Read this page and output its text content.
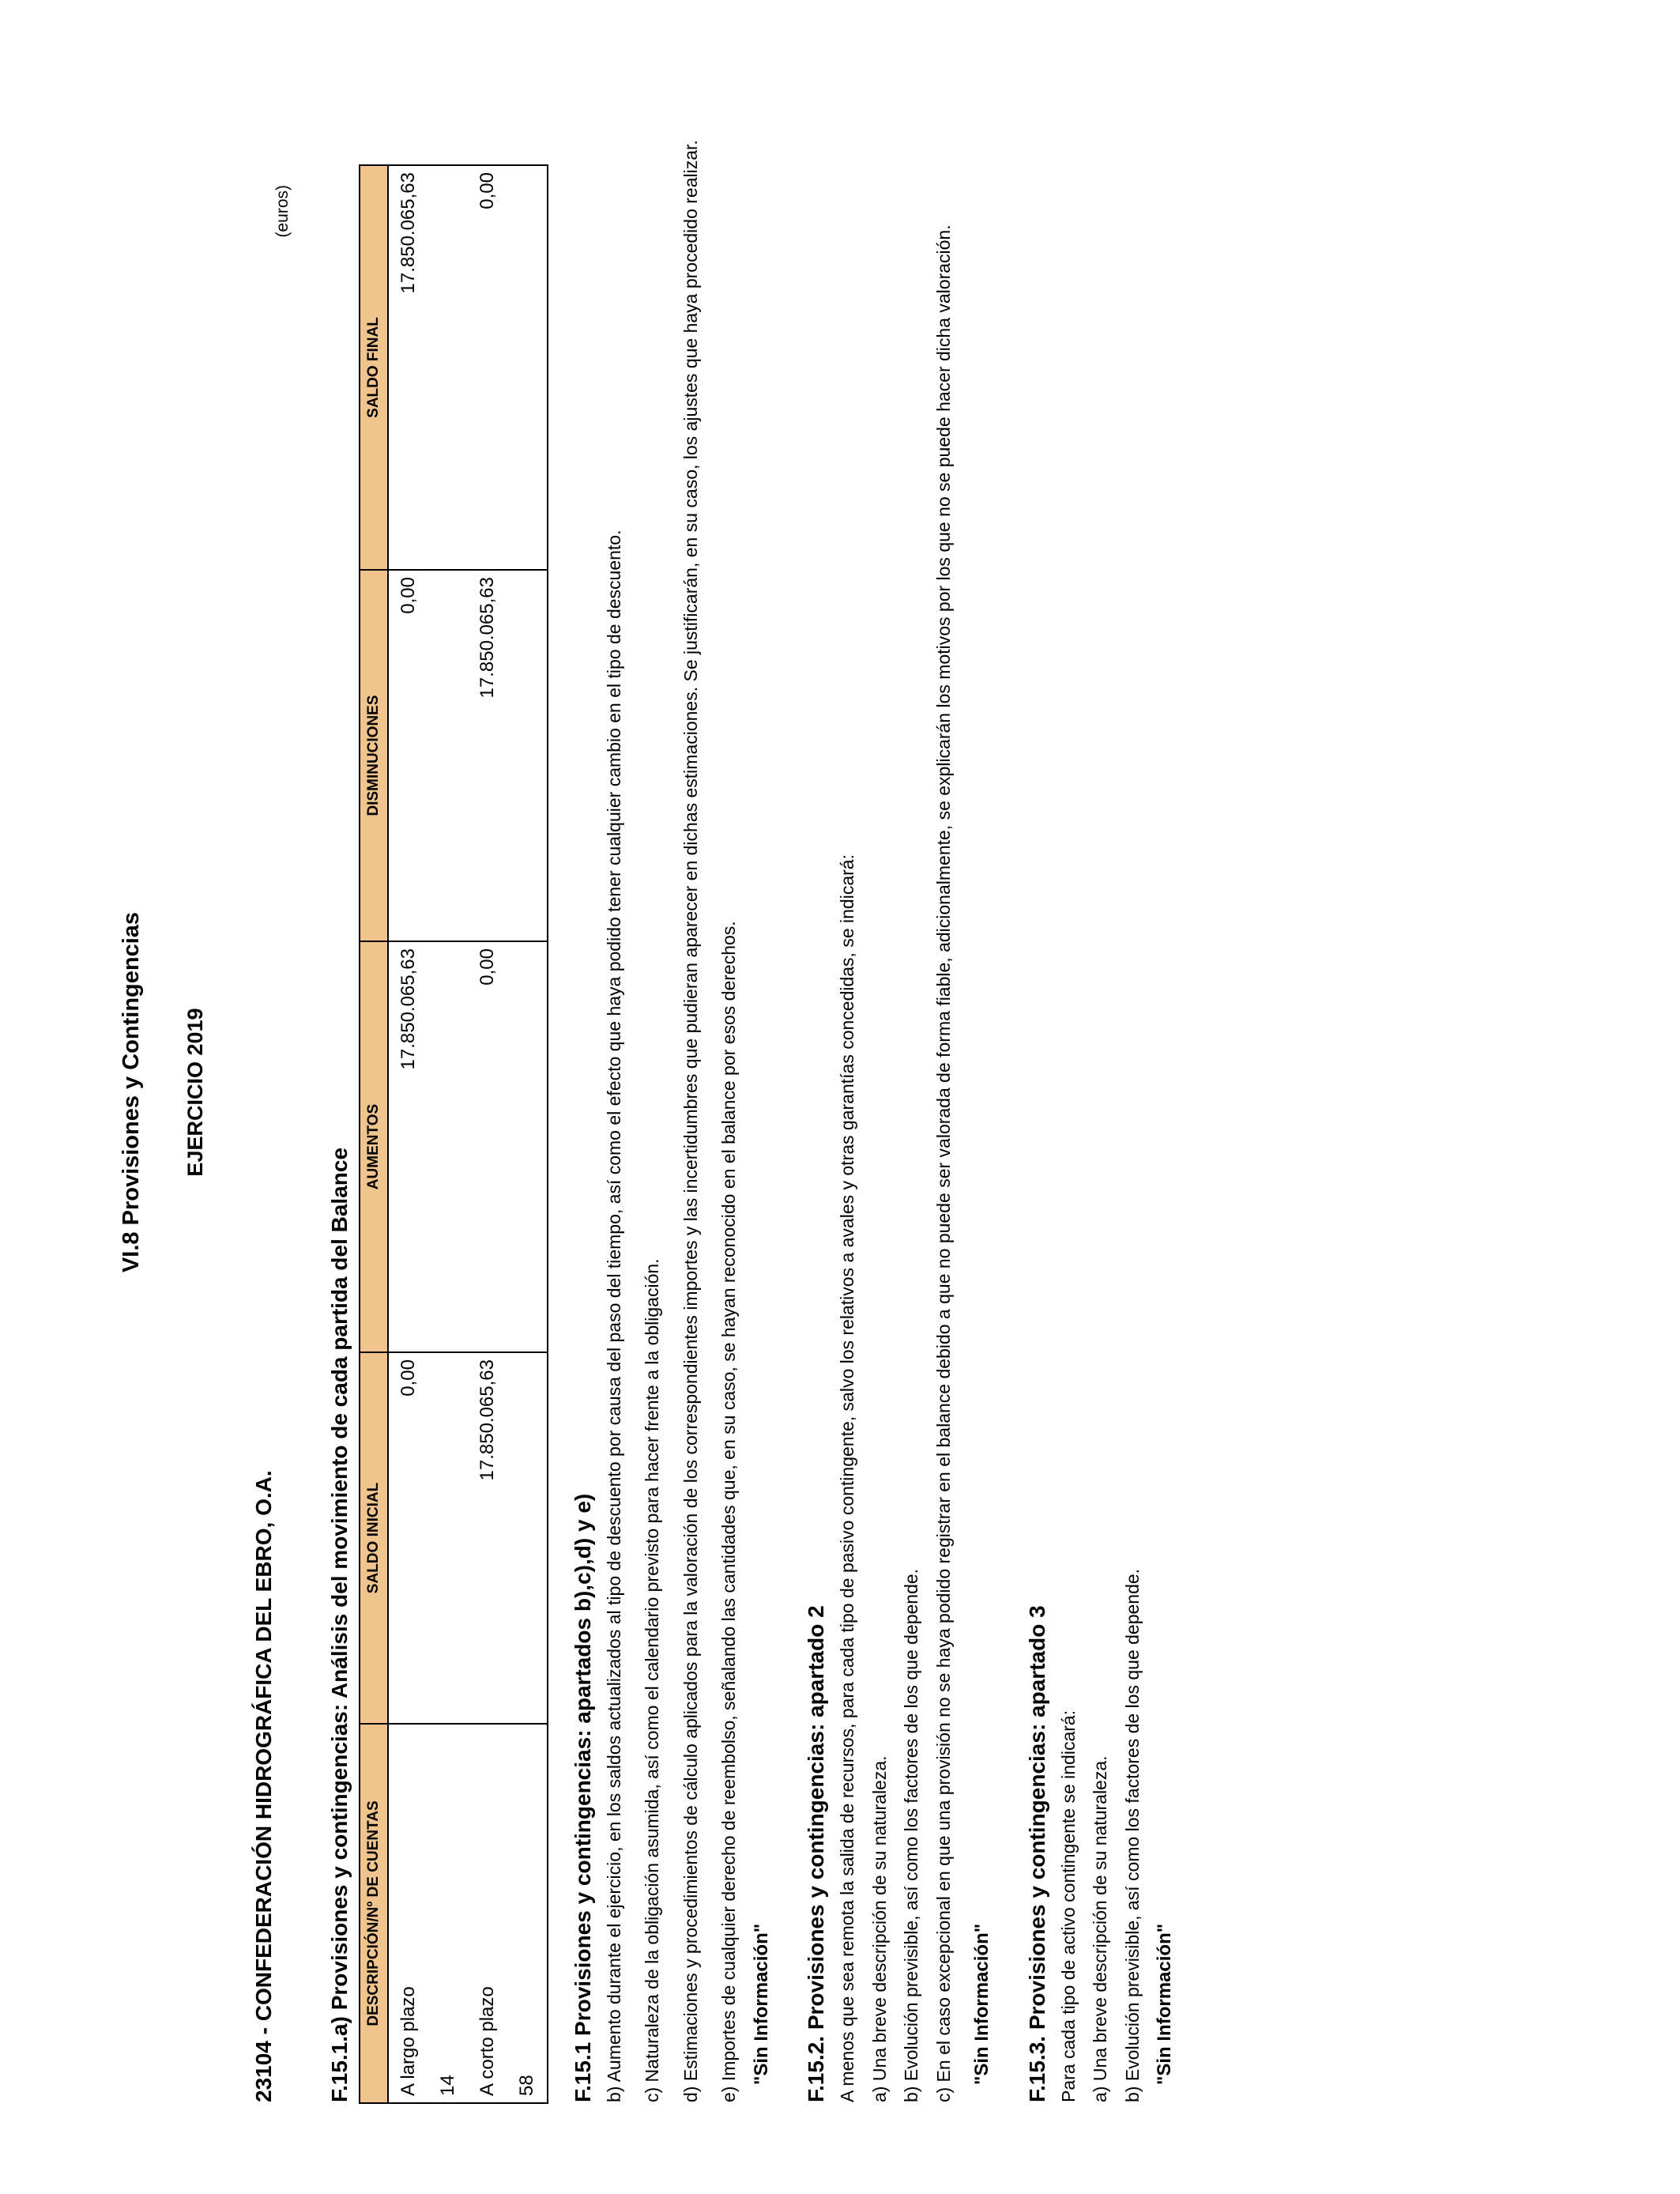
VI.8 Provisiones y Contingencias EJERCICIO 2019
23104 - CONFEDERACIÓN HIDROGRÁFICA DEL EBRO, O.A.
(euros)
F.15.1.a) Provisiones y contingencias: Análisis del movimiento de cada partida del Balance DESCRIPCIÓN/Nº DE CUENTAS	SALDO INICIAL	AUMENTOS	DISMINUCIONES	SALDO FINAL
A largo plazo	0,00	17.850.065,63	0,00	17.850.065,63
14				
A corto plazo	17.850.065,63	0,00	17.850.065,63	0,00
58				F.15.1 Provisiones y contingencias: apartados b),c),d) y e) b) Aumento durante el ejercicio, en los saldos actualizados al tipo de descuento por causa del paso del tiempo, así como el efecto que haya podido tener cualquier cambio en el tipo de descuento. c) Naturaleza de la obligación asumida, así como el calendario previsto para hacer frente a la obligación. d) Estimaciones y procedimientos de cálculo aplicados para la valoración de los correspondientes importes y las incertidumbres que pudieran aparecer en dichas estimaciones. Se justificarán, en su caso, los ajustes que haya procedido realizar. e) Importes de cualquier derecho de reembolso, señalando las cantidades que, en su caso, se hayan reconocido en el balance por esos derechos. "Sin Información" F.15.2. Provisiones y contingencias: apartado 2 A menos que sea remota la salida de recursos, para cada tipo de pasivo contingente, salvo los relativos a avales y otras garantías concedidas, se indicará: a) Una breve descripción de su naturaleza. b) Evolución previsible, así como los factores de los que depende. c) En el caso excepcional en que una provisión no se haya podido registrar en el balance debido a que no puede ser valorada de forma fiable, adicionalmente, se explicarán los motivos por los que no se puede hacer dicha valoración. "Sin Información" F.15.3. Provisiones y contingencias: apartado 3 Para cada tipo de activo contingente se indicará: a) Una breve descripción de su naturaleza. b) Evolución previsible, así como los factores de los que depende. "Sin Información"
